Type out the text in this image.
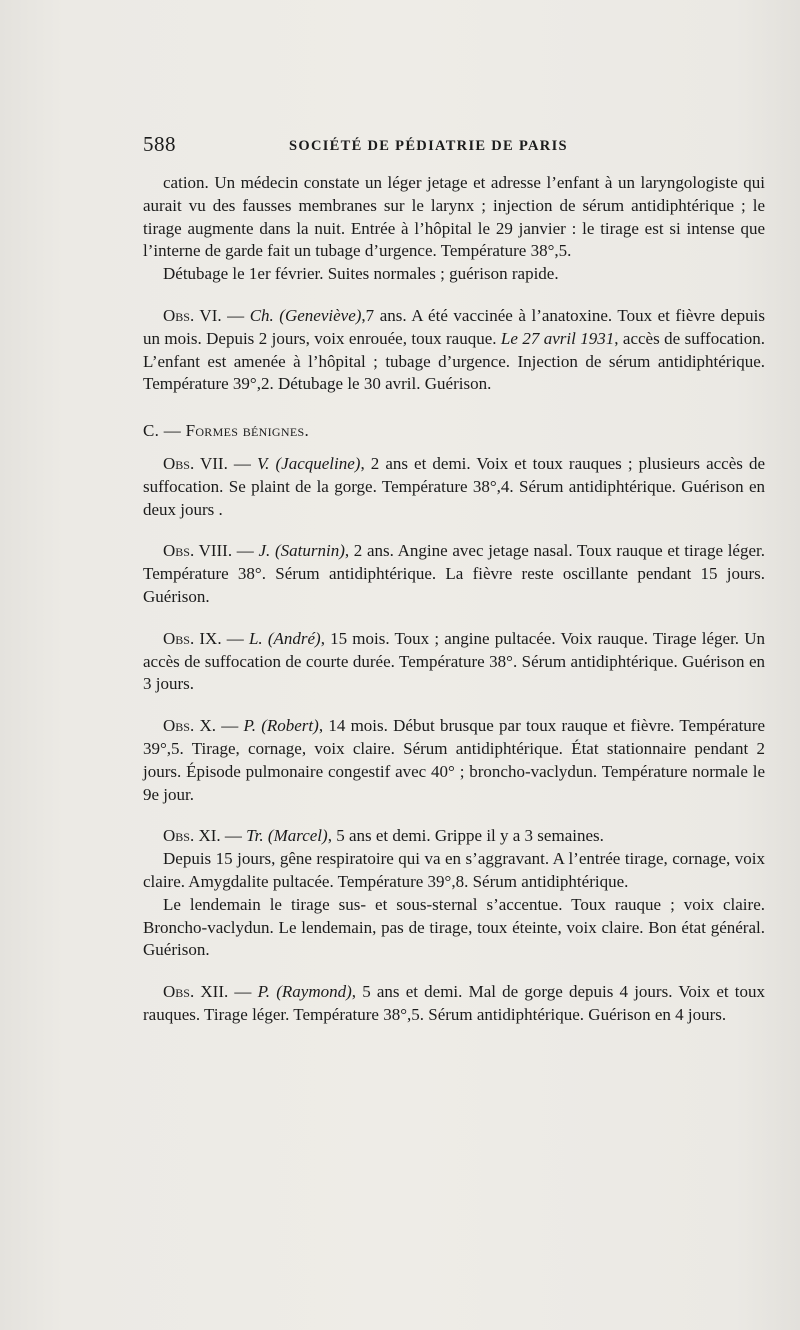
588	SOCIÉTÉ DE PÉDIATRIE DE PARIS

cation. Un médecin constate un léger jetage et adresse l’enfant à un laryngologiste qui aurait vu des fausses membranes sur le larynx ; injection de sérum antidiphtérique ; le tirage augmente dans la nuit. Entrée à l’hôpital le 29 janvier : le tirage est si intense que l’interne de garde fait un tubage d’urgence. Température 38°,5.

Détubage le 1er février. Suites normales ; guérison rapide.

Obs. VI. — Ch. (Geneviève),7 ans. A été vaccinée à l’anatoxine. Toux et fièvre depuis un mois. Depuis 2 jours, voix enrouée, toux rauque. Le 27 avril 1931, accès de suffocation. L’enfant est amenée à l’hôpital ; tubage d’urgence. Injection de sérum antidiphtérique. Température 39°,2. Détubage le 30 avril. Guérison.

C. — Formes bénignes.

Obs. VII. — V. (Jacqueline), 2 ans et demi. Voix et toux rauques ; plusieurs accès de suffocation. Se plaint de la gorge. Température 38°,4. Sérum antidiphtérique. Guérison en deux jours .

Obs. VIII. — J. (Saturnin), 2 ans. Angine avec jetage nasal. Toux rauque et tirage léger. Température 38°. Sérum antidiphtérique. La fièvre reste oscillante pendant 15 jours. Guérison.

Obs. IX. — L. (André), 15 mois. Toux ; angine pultacée. Voix rauque. Tirage léger. Un accès de suffocation de courte durée. Température 38°. Sérum antidiphtérique. Guérison en 3 jours.

Obs. X. — P. (Robert), 14 mois. Début brusque par toux rauque et fièvre. Température 39°,5. Tirage, cornage, voix claire. Sérum antidiphtérique. État stationnaire pendant 2 jours. Épisode pulmonaire congestif avec 40° ; broncho-vaclydun. Température normale le 9e jour.

Obs. XI. — Tr. (Marcel), 5 ans et demi. Grippe il y a 3 semaines.

Depuis 15 jours, gêne respiratoire qui va en s’aggravant. A l’entrée tirage, cornage, voix claire. Amygdalite pultacée. Température 39°,8. Sérum antidiphtérique.

Le lendemain le tirage sus- et sous-sternal s’accentue. Toux rauque ; voix claire. Broncho-vaclydun. Le lendemain, pas de tirage, toux éteinte, voix claire. Bon état général. Guérison.

Obs. XII. — P. (Raymond), 5 ans et demi. Mal de gorge depuis 4 jours. Voix et toux rauques. Tirage léger. Température 38°,5. Sérum antidiphtérique. Guérison en 4 jours.
